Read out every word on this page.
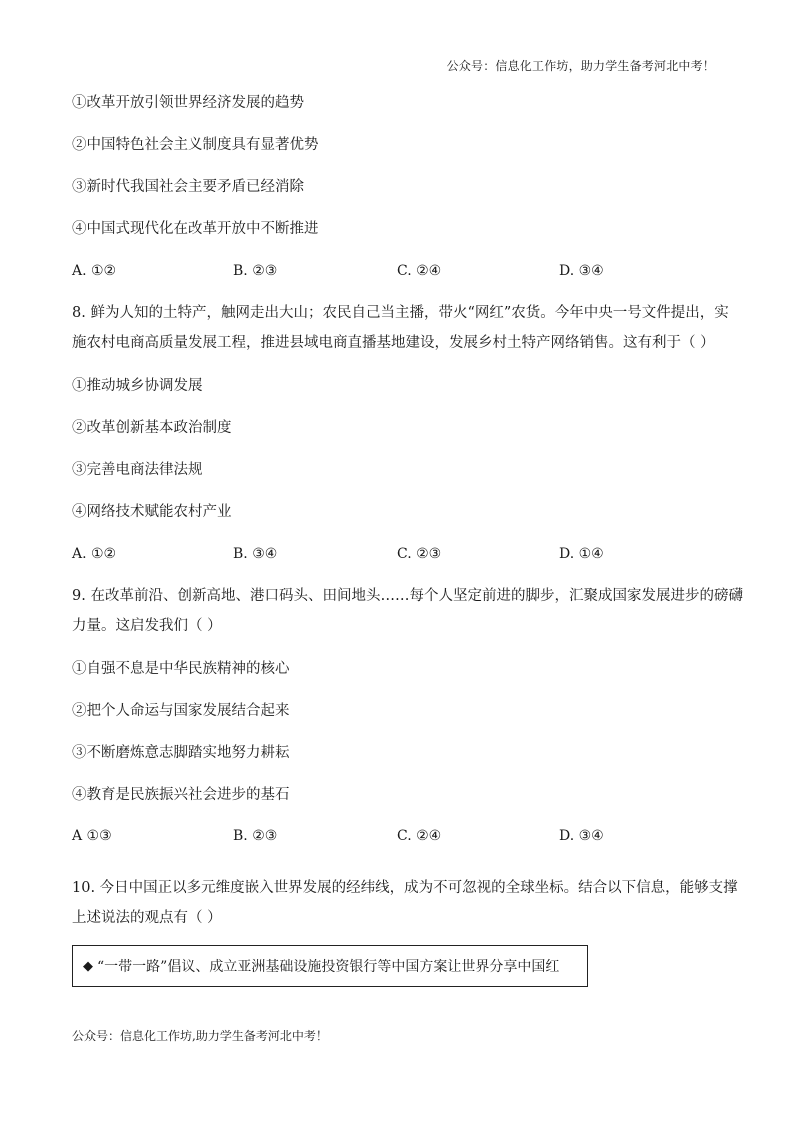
公众号：信息化工作坊，助力学生备考河北中考！
①改革开放引领世界经济发展的趋势
②中国特色社会主义制度具有显著优势
③新时代我国社会主要矛盾已经消除
④中国式现代化在改革开放中不断推进
A. ①②	B. ②③	C. ②④	D. ③④
8. 鲜为人知的土特产，触网走出大山；农民自己当主播，带火“网红”农货。今年中央一号文件提出，实
施农村电商高质量发展工程，推进县域电商直播基地建设，发展乡村土特产网络销售。这有利于（ ）
①推动城乡协调发展
②改革创新基本政治制度
③完善电商法律法规
④网络技术赋能农村产业
A. ①②	B. ③④	C. ②③	D. ①④
9. 在改革前沿、创新高地、港口码头、田间地头……每个人坚定前进的脚步，汇聚成国家发展进步的磅礴
力量。这启发我们（ ）
①自强不息是中华民族精神的核心
②把个人命运与国家发展结合起来
③不断磨炼意志脚踏实地努力耕耘
④教育是民族振兴社会进步的基石
A ①③	B. ②③	C. ②④	D. ③④
10. 今日中国正以多元维度嵌入世界发展的经纬线，成为不可忽视的全球坐标。结合以下信息，能够支撑
上述说法的观点有（ ）
◆ “一带一路”倡议、成立亚洲基础设施投资银行等中国方案让世界分享中国红
公众号：信息化工作坊,助力学生备考河北中考！
